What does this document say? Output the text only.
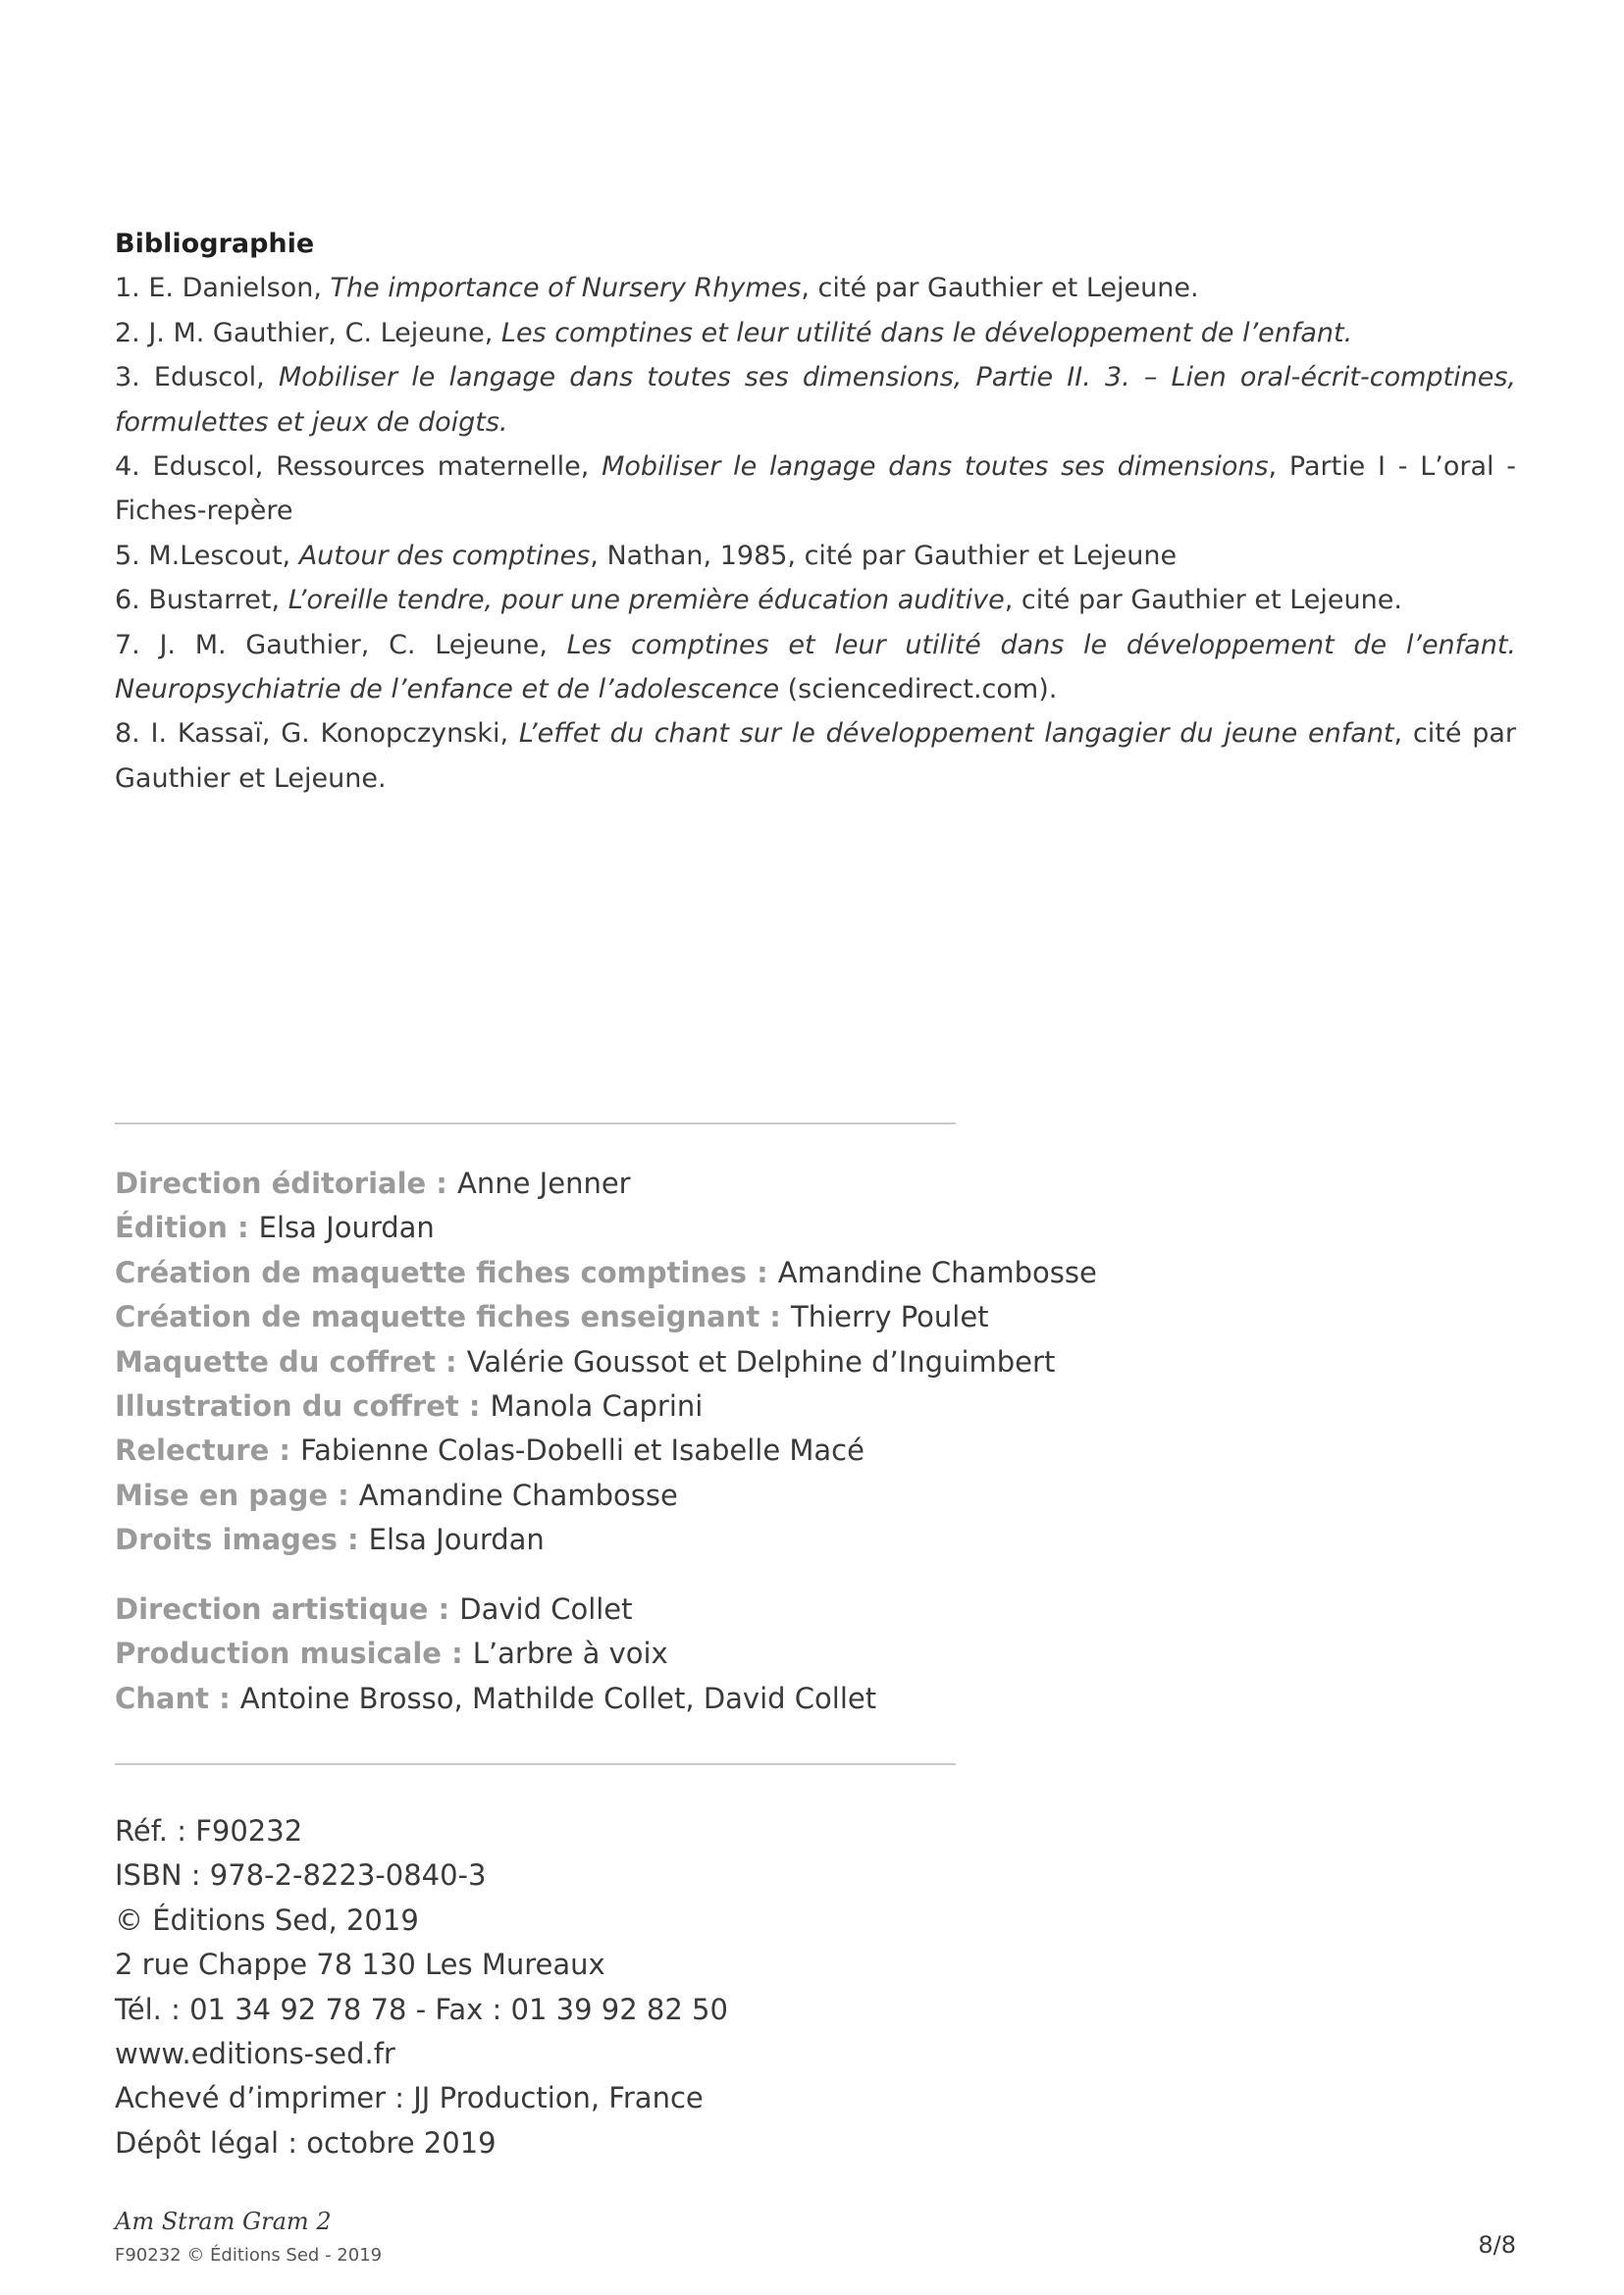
Bibliographie
1. E. Danielson, The importance of Nursery Rhymes, cité par Gauthier et Lejeune.
2. J. M. Gauthier, C. Lejeune, Les comptines et leur utilité dans le développement de l’enfant.
3. Eduscol, Mobiliser le langage dans toutes ses dimensions, Partie II. 3. – Lien oral-écrit-comptines, formulettes et jeux de doigts.
4. Eduscol, Ressources maternelle, Mobiliser le langage dans toutes ses dimensions, Partie I - L’oral - Fiches-repère
5. M.Lescout, Autour des comptines, Nathan, 1985, cité par Gauthier et Lejeune
6. Bustarret, L’oreille tendre, pour une première éducation auditive, cité par Gauthier et Lejeune.
7. J. M. Gauthier, C. Lejeune, Les comptines et leur utilité dans le développement de l’enfant. Neuropsychiatrie de l’enfance et de l’adolescence (sciencedirect.com).
8. I. Kassaï, G. Konopczynski, L’effet du chant sur le développement langagier du jeune enfant, cité par Gauthier et Lejeune.
Direction éditoriale : Anne Jenner
Édition : Elsa Jourdan
Création de maquette fiches comptines : Amandine Chambosse
Création de maquette fiches enseignant : Thierry Poulet
Maquette du coffret : Valérie Goussot et Delphine d’Inguimbert
Illustration du coffret : Manola Caprini
Relecture : Fabienne Colas-Dobelli et Isabelle Macé
Mise en page : Amandine Chambosse
Droits images : Elsa Jourdan
Direction artistique : David Collet
Production musicale : L’arbre à voix
Chant : Antoine Brosso, Mathilde Collet, David Collet
Réf. : F90232
ISBN : 978-2-8223-0840-3
© Éditions Sed, 2019
2 rue Chappe 78 130 Les Mureaux
Tél. : 01 34 92 78 78 - Fax : 01 39 92 82 50
www.editions-sed.fr
Achevé d’imprimer : JJ Production, France
Dépôt légal : octobre 2019
Am Stram Gram 2
F90232 © Éditions Sed - 2019	8/8
